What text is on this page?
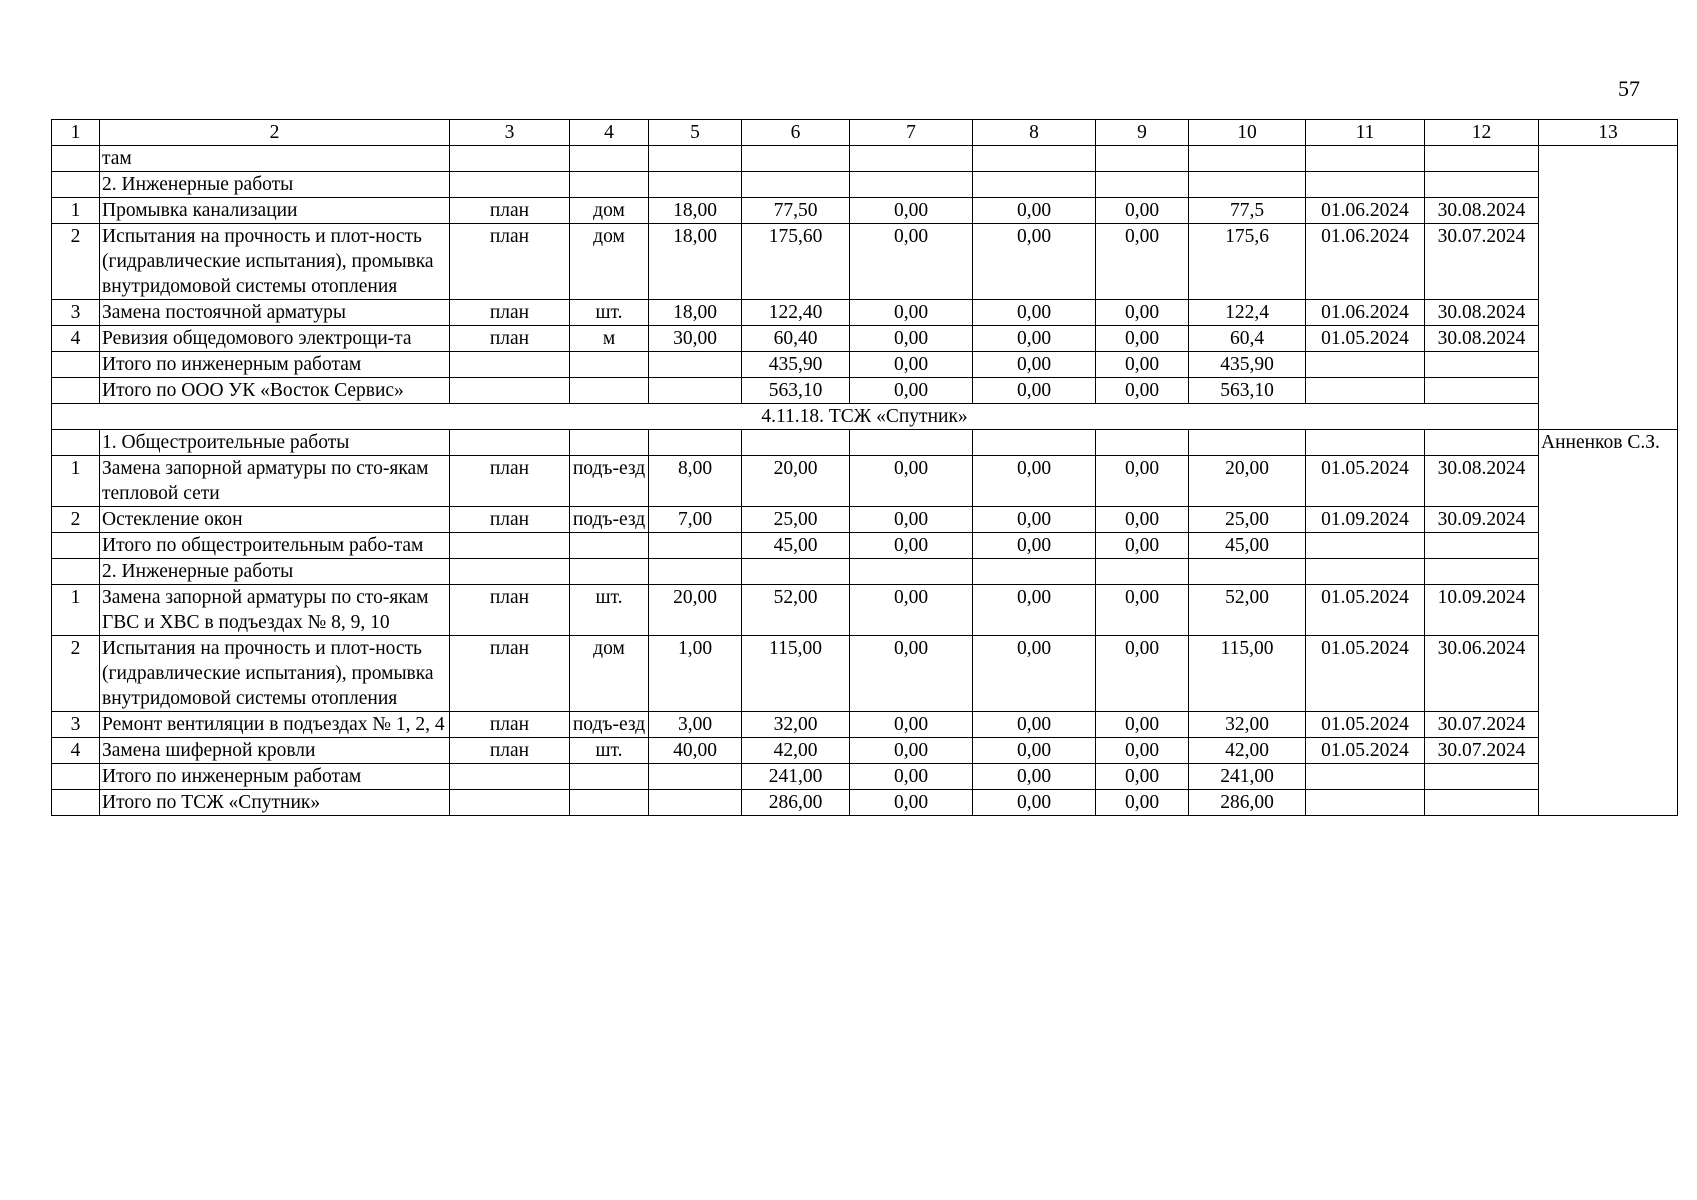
57
1	2	3	4	5	6	7	8	9	10	11	12	13
	там											
	2. Инженерные работы											
1	Промывка канализации	план	дом	18,00	77,50	0,00	0,00	0,00	77,5	01.06.2024	30.08.2024	
2	Испытания на прочность и плот-ность (гидравлические испытания), промывка внутридомовой системы отопления	план	дом	18,00	175,60	0,00	0,00	0,00	175,6	01.06.2024	30.07.2024	
3	Замена постоячной арматуры	план	шт.	18,00	122,40	0,00	0,00	0,00	122,4	01.06.2024	30.08.2024	
4	Ревизия общедомового электрощи-та	план	м	30,00	60,40	0,00	0,00	0,00	60,4	01.05.2024	30.08.2024	
	Итого по инженерным работам				435,90	0,00	0,00	0,00	435,90			
	Итого по ООО УК «Восток Сервис»				563,10	0,00	0,00	0,00	563,10			
4.11.18. ТСЖ «Спутник»												
	1. Общестроительные работы											Анненков С.З.
1	Замена запорной арматуры по сто-якам тепловой сети	план	подъ-езд	8,00	20,00	0,00	0,00	0,00	20,00	01.05.2024	30.08.2024	
2	Остекление окон	план	подъ-езд	7,00	25,00	0,00	0,00	0,00	25,00	01.09.2024	30.09.2024	
	Итого по общестроительным рабо-там				45,00	0,00	0,00	0,00	45,00			
	2. Инженерные работы											
1	Замена запорной арматуры по сто-якам ГВС и ХВС в подъездах № 8, 9, 10	план	шт.	20,00	52,00	0,00	0,00	0,00	52,00	01.05.2024	10.09.2024	
2	Испытания на прочность и плот-ность (гидравлические испытания), промывка внутридомовой системы отопления	план	дом	1,00	115,00	0,00	0,00	0,00	115,00	01.05.2024	30.06.2024	
3	Ремонт вентиляции в подъездах № 1, 2, 4	план	подъ-езд	3,00	32,00	0,00	0,00	0,00	32,00	01.05.2024	30.07.2024	
4	Замена шиферной кровли	план	шт.	40,00	42,00	0,00	0,00	0,00	42,00	01.05.2024	30.07.2024	
	Итого по инженерным работам				241,00	0,00	0,00	0,00	241,00			
	Итого по ТСЖ «Спутник»				286,00	0,00	0,00	0,00	286,00			
